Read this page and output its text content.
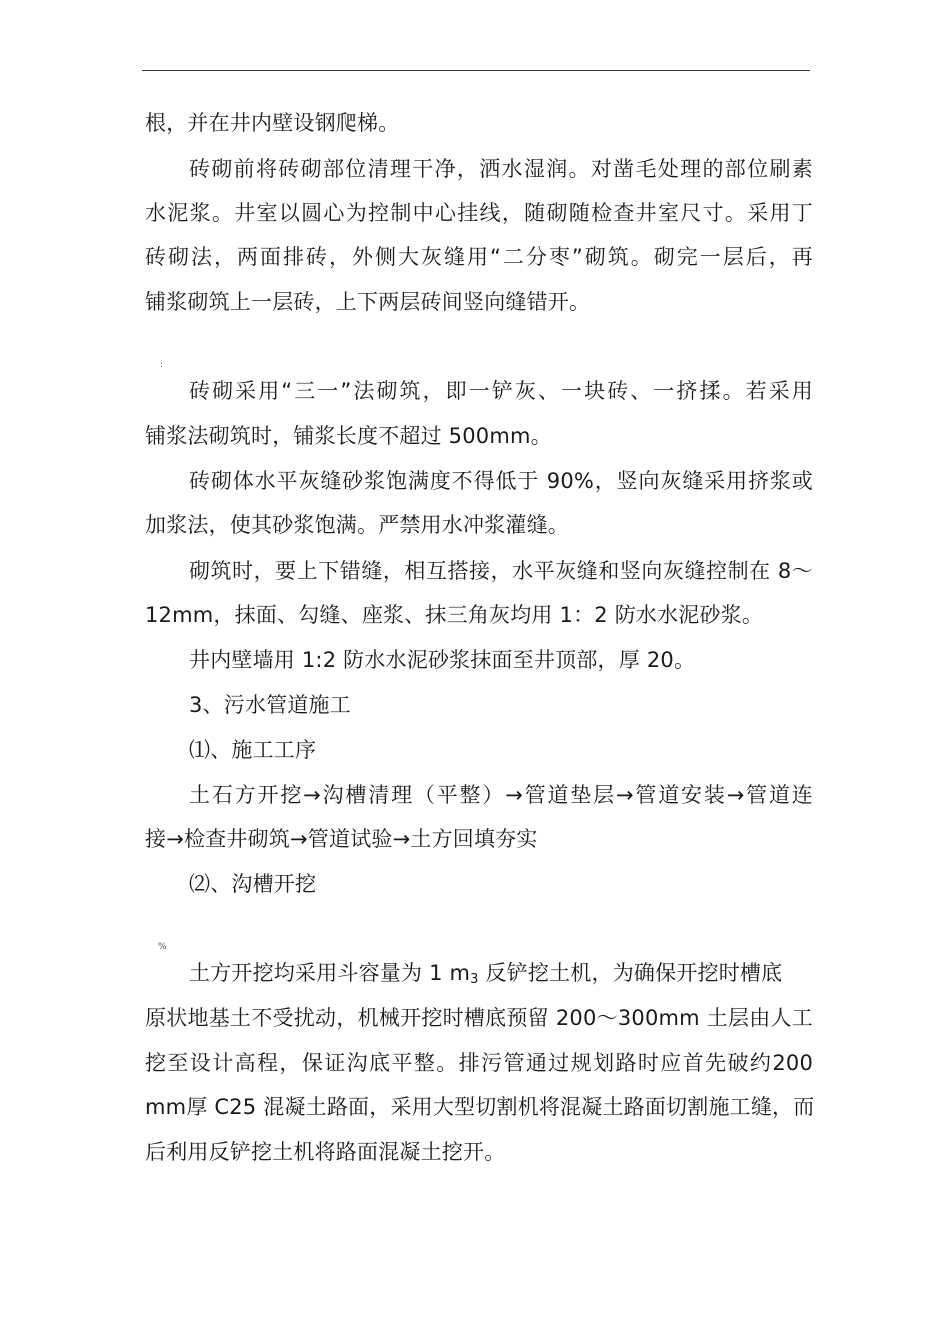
根，并在井内壁设钢爬梯。
砖砌前将砖砌部位清理干净，洒水湿润。对凿毛处理的部位刷素
水泥浆。井室以圆心为控制中心挂线，随砌随检查井室尺寸。采用丁
砖砌法，两面排砖，外侧大灰缝用“二分枣”砌筑。砌完一层后，再
铺浆砌筑上一层砖，上下两层砖间竖向缝错开。
:
砖砌采用“三一”法砌筑，即一铲灰、一块砖、一挤揉。若采用
铺浆法砌筑时，铺浆长度不超过 500mm。
砖砌体水平灰缝砂浆饱满度不得低于 90%，竖向灰缝采用挤浆或
加浆法，使其砂浆饱满。严禁用水冲浆灌缝。
砌筑时，要上下错缝，相互搭接，水平灰缝和竖向灰缝控制在 8～
12mm，抹面、勾缝、座浆、抹三角灰均用 1：2 防水水泥砂浆。
井内壁墙用 1:2 防水水泥砂浆抹面至井顶部，厚 20。
3、污水管道施工
⑴、施工工序
土石方开挖→沟槽清理（平整）→管道垫层→管道安装→管道连
接→检查井砌筑→管道试验→土方回填夯实
⑵、沟槽开挖
%
土方开挖均采用斗容量为 1 $m_3$ 反铲挖土机，为确保开挖时槽底
原状地基土不受扰动，机械开挖时槽底预留 200～300mm 土层由人工
挖至设计高程，保证沟底平整。排污管通过规划路时应首先破约200
mm厚 C25 混凝土路面，采用大型切割机将混凝土路面切割施工缝，而
后利用反铲挖土机将路面混凝土挖开。
